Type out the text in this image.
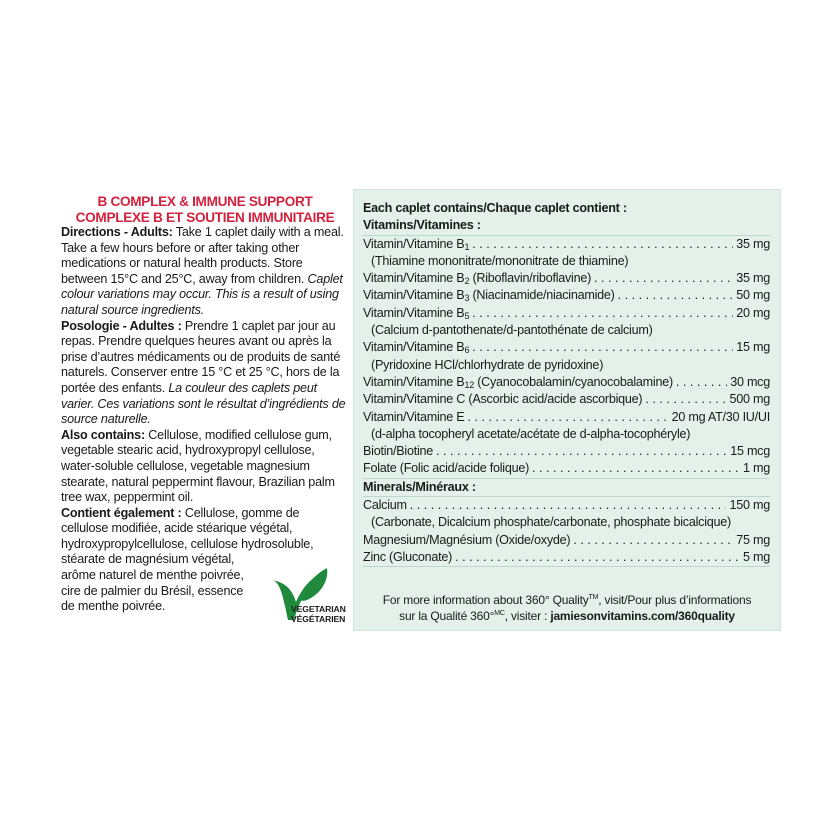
B COMPLEX & IMMUNE SUPPORT
COMPLEXE B ET SOUTIEN IMMUNITAIRE

Directions - Adults: Take 1 caplet daily with a meal. Take a few hours before or after taking other medications or natural health products. Store between 15°C and 25°C, away from children. Caplet colour variations may occur. This is a result of using natural source ingredients.

Posologie - Adultes : Prendre 1 caplet par jour au repas. Prendre quelques heures avant ou après la prise d’autres médicaments ou de produits de santé naturels. Conserver entre 15 °C et 25 °C, hors de la portée des enfants. La couleur des caplets peut varier. Ces variations sont le résultat d’ingrédients de source naturelle.

Also contains: Cellulose, modified cellulose gum, vegetable stearic acid, hydroxypropyl cellulose, water-soluble cellulose, vegetable magnesium stearate, natural peppermint flavour, Brazilian palm tree wax, peppermint oil.

Contient également : Cellulose, gomme de cellulose modifiée, acide stéarique végétal, hydroxypropylcellulose, cellulose hydrosoluble,

stéarate de magnésium végétal,

arôme naturel de menthe poivrée,

cire de palmier du Brésil, essence

de menthe poivrée.	VEGETARIAN
VÉGÉTARIEN
Each caplet contains/Chaque caplet contient :
Vitamins/Vitamines :
Vitamin/Vitamine $B_1$ . . .	35 mg
(Thiamine mononitrate/mononitrate de thiamine)
Vitamin/Vitamine $B_2$ (Riboflavin/riboflavine) . . .	35 mg
Vitamin/Vitamine $B_3$ (Niacinamide/niacinamide) . . .	50 mg
Vitamin/Vitamine $B_5$ . . .	20 mg
(Calcium d-pantothenate/d-pantothénate de calcium)
Vitamin/Vitamine $B_6$ . . .	15 mg
(Pyridoxine HCl/chlorhydrate de pyridoxine)
Vitamin/Vitamine $B_{12}$ (Cyanocobalamin/cyanocobalamine) . . .	30 mcg
Vitamin/Vitamine C (Ascorbic acid/acide ascorbique) . . .	500 mg
Vitamin/Vitamine E . . .	20 mg AT/30 IU/UI
(d-alpha tocopheryl acetate/acétate de d-alpha-tocophéryle)
Biotin/Biotine . . .	15 mcg
Folate (Folic acid/acide folique) . . .	1 mg
Minerals/Minéraux :
Calcium . . .	150 mg
(Carbonate, Dicalcium phosphate/carbonate, phosphate bicalcique)
Magnesium/Magnésium (Oxide/oxyde) . . .	75 mg
Zinc (Gluconate) . . .	5 mg
For more information about 360° Quality™, visit/Pour plus d’informations
sur la Qualité 360°$^{MC}$, visiter : jamiesonvitamins.com/360quality
